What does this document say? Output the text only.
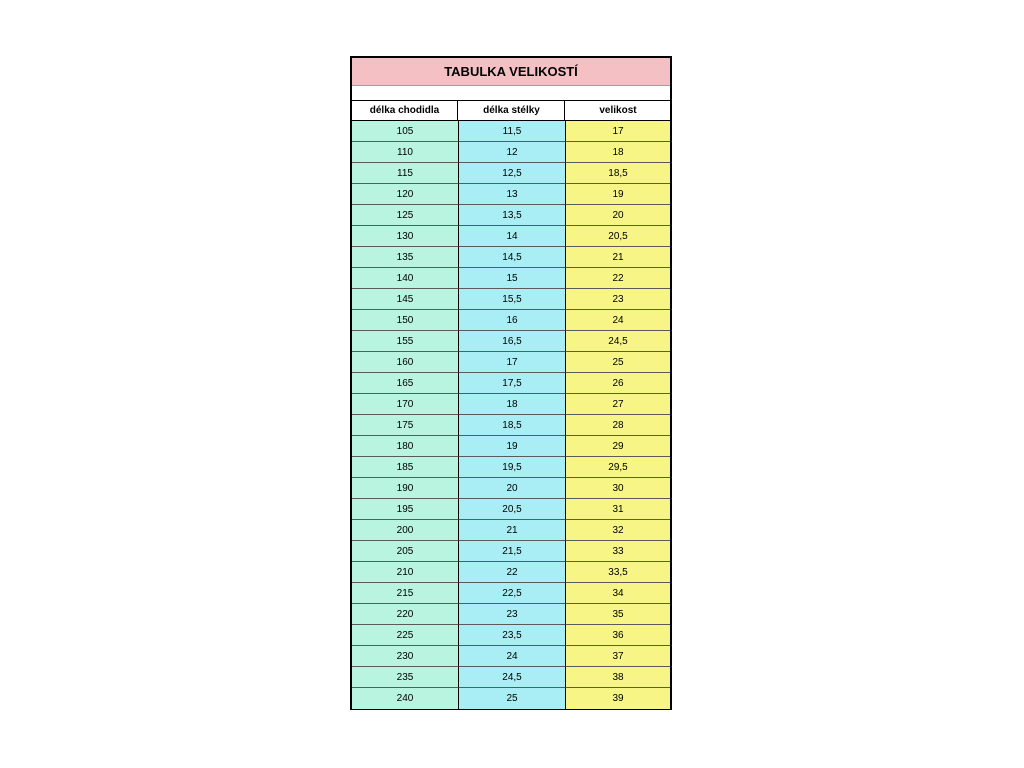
TABULKA VELIKOSTÍ
délka chodidla	délka stélky	velikost
105	11,5	17
110	12	18
115	12,5	18,5
120	13	19
125	13,5	20
130	14	20,5
135	14,5	21
140	15	22
145	15,5	23
150	16	24
155	16,5	24,5
160	17	25
165	17,5	26
170	18	27
175	18,5	28
180	19	29
185	19,5	29,5
190	20	30
195	20,5	31
200	21	32
205	21,5	33
210	22	33,5
215	22,5	34
220	23	35
225	23,5	36
230	24	37
235	24,5	38
240	25	39
